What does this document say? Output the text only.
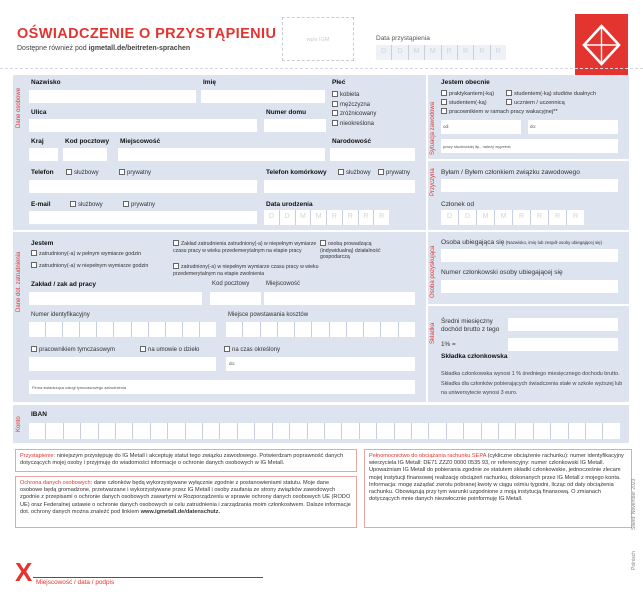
OŚWIADCZENIE O PRZYSTĄPIENIU
Dostępne również pod igmetall.de/beitreten-sprachen
wpis IGM	Data przystąpienia
D	D	M	M	R	R	R	R
Dane osobowe
Nazwisko	Imię	Płeć
kobieta
mężczyzna
zróżnicowany
nieokreślona
Ulica	Numer domu
Kraj	Kod pocztowy Miejscowość	Narodowość
Telefon	służbowy	prywatny	Telefon komórkowy	służbowy	prywatny
E-mail	służbowy	prywatny	Data urodzenia
D	D	M	M	R	R	R	R
Sytuacja zawodowa
Jestem obecnie
praktykantem(-ką)	studentem(-ką) studiów dualnych
studentem(-ką)	uczniem / uczennicą
pracownikiem w ramach pracy wakacyjnej**
od:	do:
pracy studenckiej itp., należy wypełnić
Przyczyna Byłam / Byłem członkiem związku zawodowego
Członek od
D	D	M	M	R	R	R	R
Dane dot. zatrudnienia
Jestem
zatrudniony(-a) w pełnym wymiarze godzin
zatrudniony(-a) w niepełnym wymiarze godzin
Zakład zatrudnienia zatrudniony(-a) w niepełnym wymiarze czasu pracy w wieku przedemerytalnym na etapie pracy
zatrudniony(-a) w niepełnym wymiarze czasu pracy w wieku przedemerytalnym na etapie zwolnienia
osobą prowadzącą (indywidualną) działalność gospodarczą
Zakład / zak ad pracy	Kod pocztowy	Miejscowość
Numer identyfikacyjny	Miejsce powstawania kosztów
pracownikiem tymczasowym	na umowie o dzieło	na czas określony
do:
Firma świadcząca usługi tymczasowego zatrudnienia
Osoba pozyskująca
Osoba ubiegająca się (Nazwisko, imię lub zespół osoby ubiegającej się)
Numer członkowski osoby ubiegającej się
Składka
Średni miesięczny dochód brutto z tego
1% =
Składka członkowska
Składka członkowska wynosi 1 % średniego miesięcznego dochodu brutto. Składka dla członków pobierających świadczenia stałe w szkole wyższej lub na uniwersytecie wynosi 3 euro.
Konto
IBAN
Przystąpienie: niniejszym przystępuję do IG Metall i akceptuję statut tego związku zawodowego. Potwierdzam poprawność danych dotyczących mojej osoby i przyjmuję do wiadomości informacje o ochronie danych osobowych w IG Metall.
Ochrona danych osobowych: dane członków będą wykorzystywane wyłącznie zgodnie z postanowieniami statutu. Moje dane osobowe będą gromadzone, przetwarzane i wykorzystywane przez IG Metall i osoby zaufania ze strony związków zawodowych zgodnie z przepisami o ochronie danych osobowych zawartymi w Rozporządzeniu w sprawie ochrony danych osobowych UE (RODO UE) oraz Federalnej ustawie o ochronie danych osobowych w celu zatrudnienia i zarządzania moim członkostwem. Dalsze informacje dot. ochrony danych można znaleźć pod linkiem www.igmetall.de/datenschutz.
Pełnomocnictwo do obciążania rachunku SEPA (cykliczne obciążenie rachunku): numer identyfikacyjny wierzyciela IG Metall: DE71 ZZZ0 0000 0535 93, nr referencyjny: numer członkowski IG Metall. Upoważniam IG Metall do pobierania zgodnie ze statutem składki członkowskie, jednocześnie zlecam mojej instytucji finansowej realizację obciążeń rachunku, dokonanych przez IG Metall z mojego konta. Informacja: mogę zażądać zwrotu pobranej kwoty w ciągu ośmiu tygodni, licząc od daty obciążenia rachunku. Obowiązują przy tym warunki uzgodnione z moją instytucją finansową. O zmianach dotyczących mnie danych niezwłocznie poinformuję IG Metall.	Stand: November 2023
Polnisch
X Miejscowość / data / podpis
